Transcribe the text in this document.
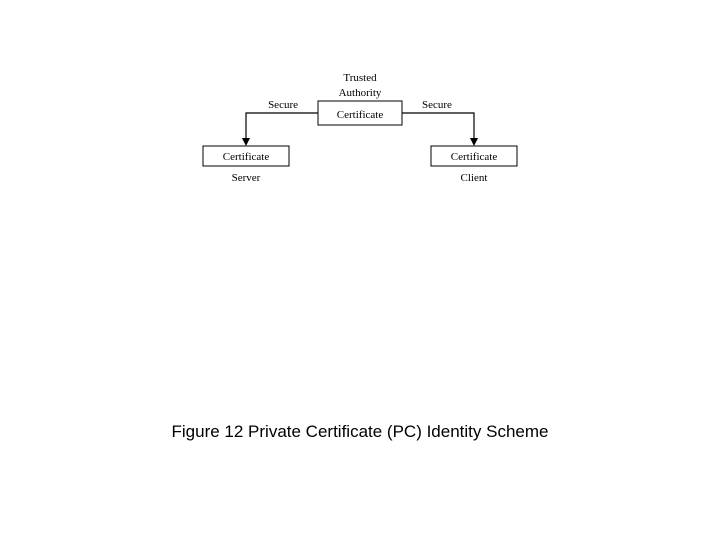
Trusted
Authority
Certificate
Secure	Secure
Certificate
Server
Certificate
Client
Figure 12 Private Certificate (PC) Identity Scheme
